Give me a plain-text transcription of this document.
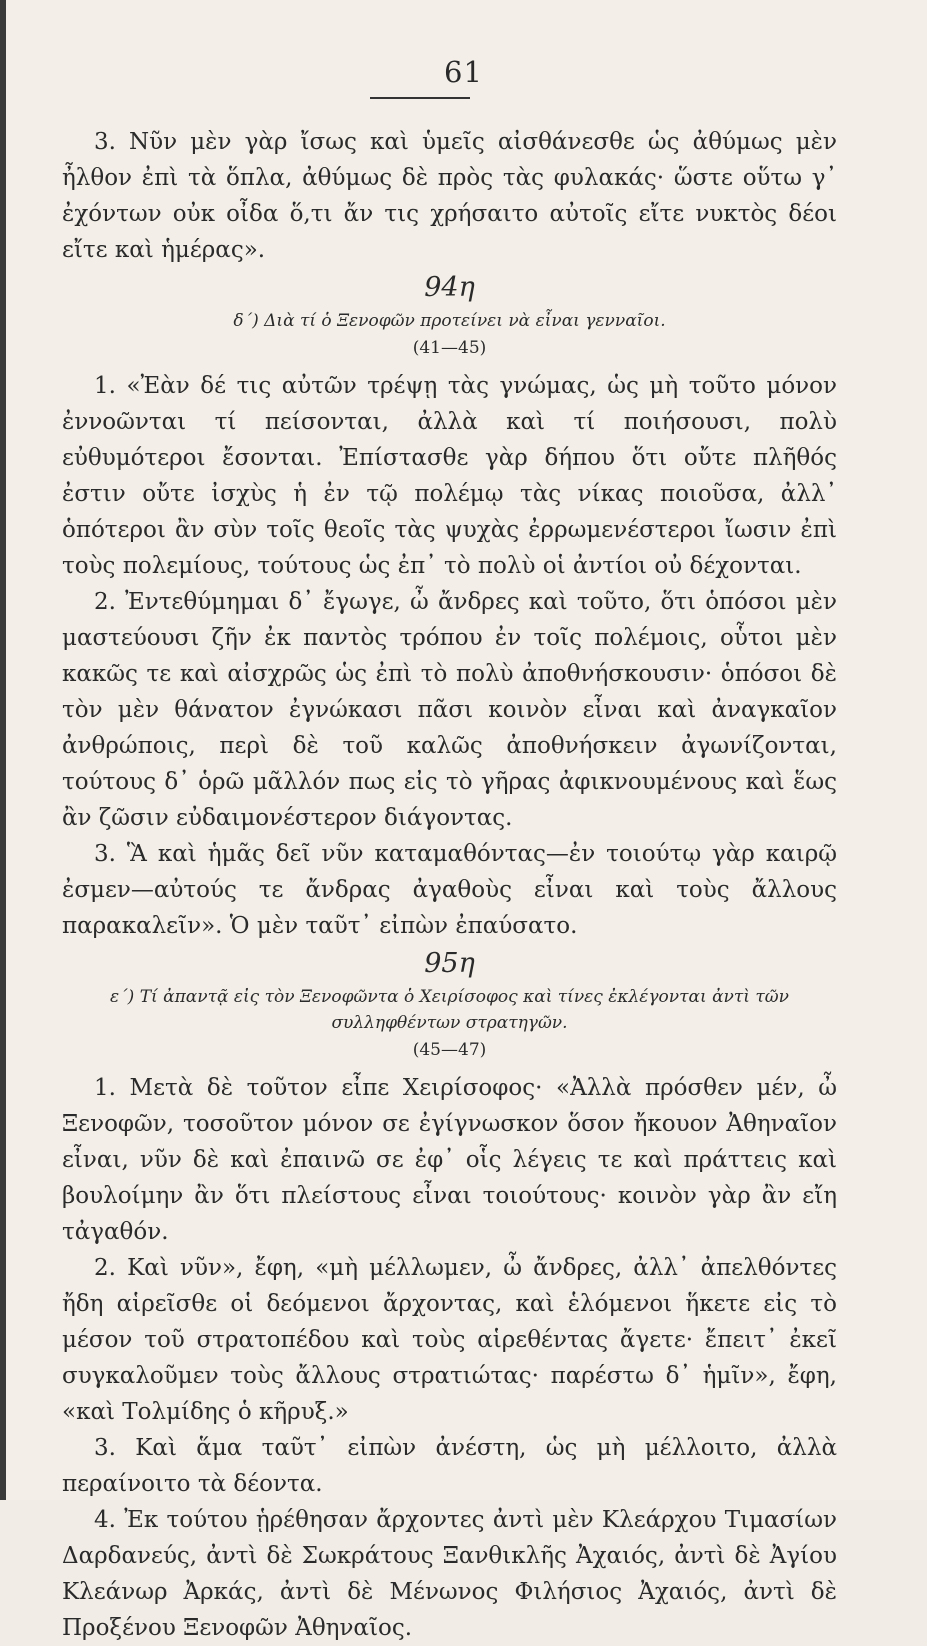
61

3. Νῦν μὲν γὰρ ἴσως καὶ ὑμεῖς αἰσθάνεσθε ὡς ἀθύμως μὲν ἦλθον ἐπὶ τὰ ὅπλα, ἀθύμως δὲ πρὸς τὰς φυλακάς· ὥστε οὕτω γ᾽ ἐχόντων οὐκ οἶδα ὅ,τι ἄν τις χρήσαιτο αὐτοῖς εἴτε νυκτὸς δέοι εἴτε καὶ ἡμέρας».

94η
δ΄) Διὰ τί ὁ Ξενοφῶν προτείνει νὰ εἶναι γενναῖοι.
(41—45)

1. «Ἐὰν δέ τις αὐτῶν τρέψῃ τὰς γνώμας, ὡς μὴ τοῦτο μόνον ἐννοῶνται τί πείσονται, ἀλλὰ καὶ τί ποιήσουσι, πολὺ εὐθυμότεροι ἔσονται. Ἐπίστασθε γὰρ δήπου ὅτι οὔτε πλῆθός ἐστιν οὔτε ἰσχὺς ἡ ἐν τῷ πολέμῳ τὰς νίκας ποιοῦσα, ἀλλ᾽ ὁπότεροι ἂν σὺν τοῖς θεοῖς τὰς ψυχὰς ἐρρωμενέστεροι ἴωσιν ἐπὶ τοὺς πολεμίους, τούτους ὡς ἐπ᾽ τὸ πολὺ οἱ ἀντίοι οὐ δέχονται.

2. Ἐντεθύμημαι δ᾽ ἔγωγε, ὦ ἄνδρες καὶ τοῦτο, ὅτι ὁπόσοι μὲν μαστεύουσι ζῆν ἐκ παντὸς τρόπου ἐν τοῖς πολέμοις, οὗτοι μὲν κακῶς τε καὶ αἰσχρῶς ὡς ἐπὶ τὸ πολὺ ἀποθνήσκουσιν· ὁπόσοι δὲ τὸν μὲν θάνατον ἐγνώκασι πᾶσι κοινὸν εἶναι καὶ ἀναγκαῖον ἀνθρώποις, περὶ δὲ τοῦ καλῶς ἀποθνήσκειν ἀγωνίζονται, τούτους δ᾽ ὁρῶ μᾶλλόν πως εἰς τὸ γῆρας ἀφικνουμένους καὶ ἕως ἂν ζῶσιν εὐδαιμονέστερον διάγοντας.

3. Ἃ καὶ ἡμᾶς δεῖ νῦν καταμαθόντας—ἐν τοιούτῳ γὰρ καιρῷ ἐσμεν—αὐτούς τε ἄνδρας ἀγαθοὺς εἶναι καὶ τοὺς ἄλλους παρακαλεῖν». Ὁ μὲν ταῦτ᾽ εἰπὼν ἐπαύσατο.

95η
ε΄) Τί ἀπαντᾷ εἰς τὸν Ξενοφῶντα ὁ Χειρίσοφος καὶ τίνες ἐκλέγονται ἀντὶ τῶν συλληφθέντων στρατηγῶν.
(45—47)

1. Μετὰ δὲ τοῦτον εἶπε Χειρίσοφος· «Ἀλλὰ πρόσθεν μέν, ὦ Ξενοφῶν, τοσοῦτον μόνον σε ἐγίγνωσκον ὅσον ἤκουον Ἀθηναῖον εἶναι, νῦν δὲ καὶ ἐπαινῶ σε ἐφ᾽ οἷς λέγεις τε καὶ πράττεις καὶ βουλοίμην ἂν ὅτι πλείστους εἶναι τοιούτους· κοινὸν γὰρ ἂν εἴη τἀγαθόν.

2. Καὶ νῦν», ἔφη, «μὴ μέλλωμεν, ὦ ἄνδρες, ἀλλ᾽ ἀπελθόντες ἤδη αἱρεῖσθε οἱ δεόμενοι ἄρχοντας, καὶ ἑλόμενοι ἥκετε εἰς τὸ μέσον τοῦ στρατοπέδου καὶ τοὺς αἱρεθέντας ἄγετε· ἔπειτ᾽ ἐκεῖ συγκαλοῦμεν τοὺς ἄλλους στρατιώτας· παρέστω δ᾽ ἡμῖν», ἔφη, «καὶ Τολμίδης ὁ κῆρυξ.»

3. Καὶ ἅμα ταῦτ᾽ εἰπὼν ἀνέστη, ὡς μὴ μέλλοιτο, ἀλλὰ περαίνοιτο τὰ δέοντα.

4. Ἐκ τούτου ᾑρέθησαν ἄρχοντες ἀντὶ μὲν Κλεάρχου Τιμασίων Δαρδανεύς, ἀντὶ δὲ Σωκράτους Ξανθικλῆς Ἀχαιός, ἀντὶ δὲ Ἀγίου Κλεάνωρ Ἀρκάς, ἀντὶ δὲ Μένωνος Φιλήσιος Ἀχαιός, ἀντὶ δὲ Προξένου Ξενοφῶν Ἀθηναῖος.
